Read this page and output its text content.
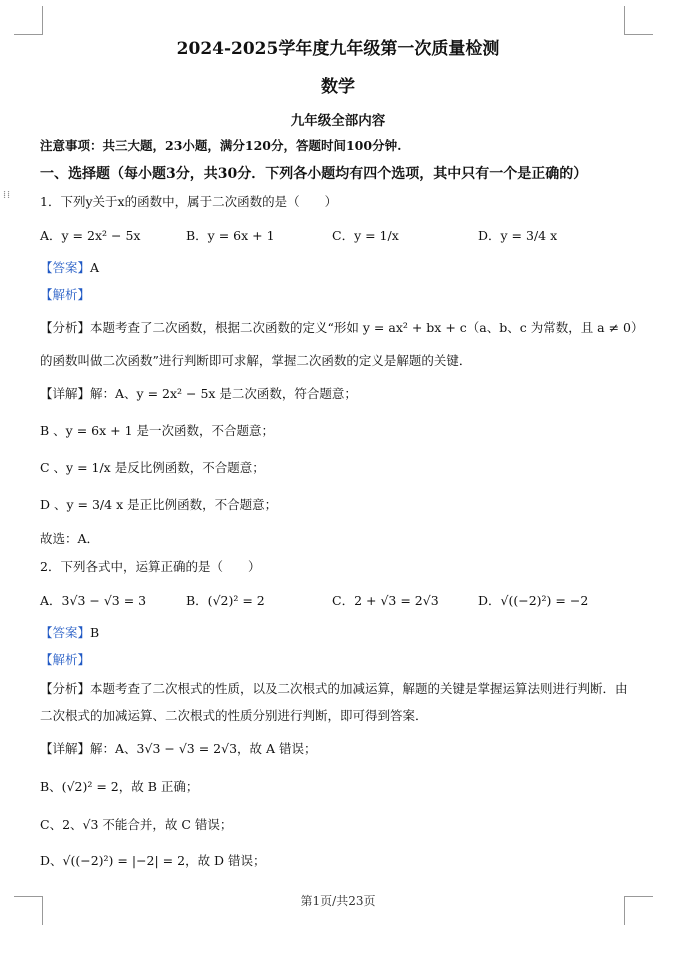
⁞⁞
2024-2025学年度九年级第一次质量检测
数学
九年级全部内容
注意事项：共三大题，23小题，满分120分，答题时间100分钟.
一、选择题（每小题3分，共30分．下列各小题均有四个选项，其中只有一个是正确的）
1．下列y关于x的函数中，属于二次函数的是（　　）
A．y = 2x² − 5x	B．y = 6x + 1	C．y = 1/x	D．y = 3/4 x
【答案】A
【解析】
【分析】本题考查了二次函数，根据二次函数的定义“形如 y = ax² + bx + c（a、b、c 为常数，且 a ≠ 0）
的函数叫做二次函数”进行判断即可求解，掌握二次函数的定义是解题的关键．
【详解】解：A、y = 2x² − 5x 是二次函数，符合题意；
B 、y = 6x + 1 是一次函数，不合题意；
C 、y = 1/x 是反比例函数，不合题意；
D 、y = 3/4 x 是正比例函数，不合题意；
故选：A．
2．下列各式中，运算正确的是（　　）
A．3√3 − √3 = 3	B．(√2)² = 2	C．2 + √3 = 2√3	D．√((−2)²) = −2
【答案】B
【解析】
【分析】本题考查了二次根式的性质，以及二次根式的加减运算，解题的关键是掌握运算法则进行判断．由
二次根式的加减运算、二次根式的性质分别进行判断，即可得到答案．
【详解】解：A、3√3 − √3 = 2√3，故 A 错误；
B、(√2)² = 2，故 B 正确；
C、2、√3 不能合并，故 C 错误；
D、√((−2)²) = |−2| = 2，故 D 错误；
第1页/共23页
